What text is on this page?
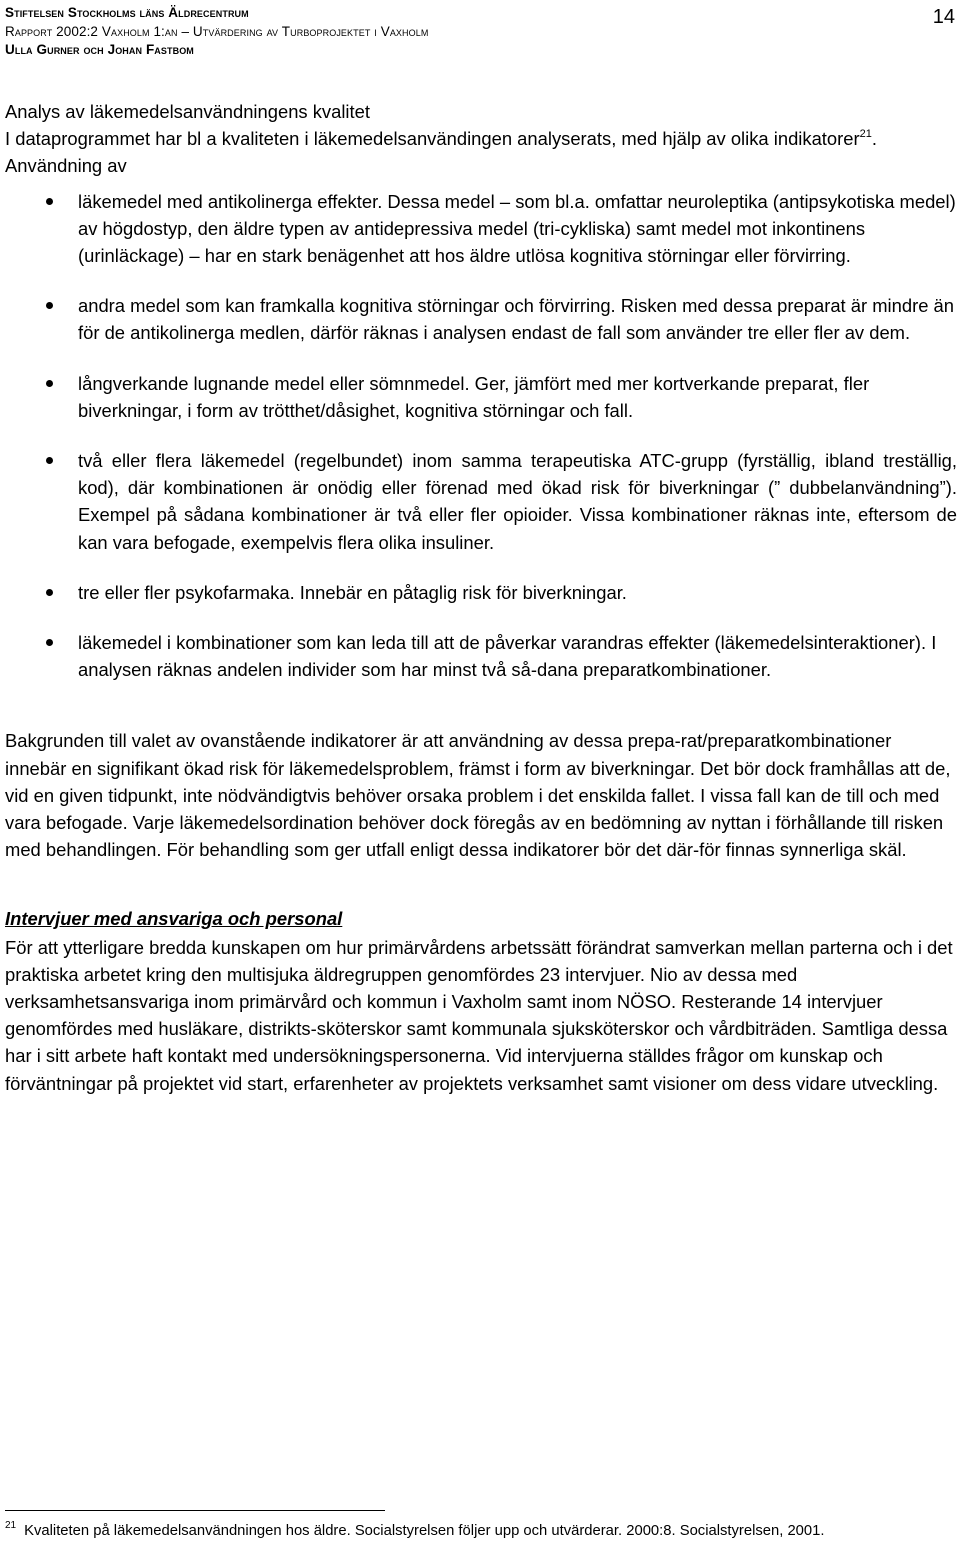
Stiftelsen Stockholms läns Äldrecentrum
Rapport 2002:2 Vaxholm 1:an – Utvärdering av Turboprojektet i Vaxholm
Ulla Gurner och Johan Fastbom
14

Analys av läkemedelsanvändningens kvalitet

I dataprogrammet har bl a kvaliteten i läkemedelsanvändingen analyserats, med hjälp av olika indikatorer$^{21}$. Användning av

läkemedel med antikolinerga effekter. Dessa medel – som bl.a. omfattar neuroleptika (antipsykotiska medel) av högdostyp, den äldre typen av antidepressiva medel (tri-cykliska) samt medel mot inkontinens (urinläckage) – har en stark benägenhet att hos äldre utlösa kognitiva störningar eller förvirring.
andra medel som kan framkalla kognitiva störningar och förvirring. Risken med dessa preparat är mindre än för de antikolinerga medlen, därför räknas i analysen endast de fall som använder tre eller fler av dem.
långverkande lugnande medel eller sömnmedel. Ger, jämfört med mer kortverkande preparat, fler biverkningar, i form av trötthet/dåsighet, kognitiva störningar och fall.
två eller flera läkemedel (regelbundet) inom samma terapeutiska ATC-grupp (fyrställig, ibland treställig, kod), där kombinationen är onödig eller förenad med ökad risk för biverkningar (” dubbelanvändning”). Exempel på sådana kombinationer är två eller fler opioider. Vissa kombinationer räknas inte, eftersom de kan vara befogade, exempelvis flera olika insuliner.
tre eller fler psykofarmaka. Innebär en påtaglig risk för biverkningar.
läkemedel i kombinationer som kan leda till att de påverkar varandras effekter (läkemedelsinteraktioner). I analysen räknas andelen individer som har minst två så-dana preparatkombinationer.

Bakgrunden till valet av ovanstående indikatorer är att användning av dessa prepa-rat/preparatkombinationer innebär en signifikant ökad risk för läkemedelsproblem, främst i form av biverkningar. Det bör dock framhållas att de, vid en given tidpunkt, inte nödvändigtvis behöver orsaka problem i det enskilda fallet. I vissa fall kan de till och med vara befogade. Varje läkemedelsordination behöver dock föregås av en bedömning av nyttan i förhållande till risken med behandlingen. För behandling som ger utfall enligt dessa indikatorer bör det där-för finnas synnerliga skäl.

Intervjuer med ansvariga och personal

För att ytterligare bredda kunskapen om hur primärvårdens arbetssätt förändrat samverkan mellan parterna och i det praktiska arbetet kring den multisjuka äldregruppen genomfördes 23 intervjuer. Nio av dessa med verksamhetsansvariga inom primärvård och kommun i Vaxholm samt inom NÖSO. Resterande 14 intervjuer genomfördes med husläkare, distrikts-sköterskor samt kommunala sjuksköterskor och vårdbiträden. Samtliga dessa har i sitt arbete haft kontakt med undersökningspersonerna. Vid intervjuerna ställdes frågor om kunskap och förväntningar på projektet vid start, erfarenheter av projektets verksamhet samt visioner om dess vidare utveckling.

$^{21}$ Kvaliteten på läkemedelsanvändningen hos äldre. Socialstyrelsen följer upp och utvärderar. 2000:8. Socialstyrelsen, 2001.
